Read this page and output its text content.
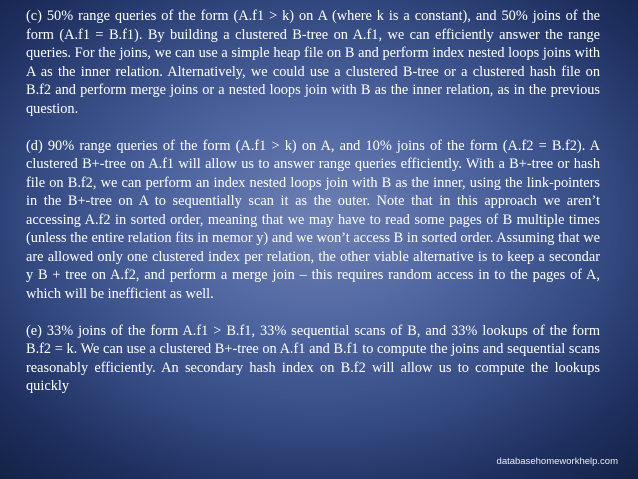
(c) 50% range queries of the form (A.f1 > k) on A (where k is a constant), and 50% joins of the form (A.f1 = B.f1). By building a clustered B-tree on A.f1, we can efficiently answer the range queries. For the joins, we can use a simple heap file on B and perform index nested loops joins with A as the inner relation. Alternatively, we could use a clustered B-tree or a clustered hash file on B.f2 and perform merge joins or a nested loops join with B as the inner relation, as in the previous question.

(d) 90% range queries of the form (A.f1 > k) on A, and 10% joins of the form (A.f2 = B.f2). A clustered B+-tree on A.f1 will allow us to answer range queries efficiently. With a B+-tree or hash file on B.f2, we can perform an index nested loops join with B as the inner, using the link-pointers in the B+-tree on A to sequentially scan it as the outer. Note that in this approach we aren’t accessing A.f2 in sorted order, meaning that we may have to read some pages of B multiple times (unless the entire relation fits in memor y) and we won’t access B in sorted order. Assuming that we are allowed only one clustered index per relation, the other viable alternative is to keep a secondar y B + tree on A.f2, and perform a merge join – this requires random access in to the pages of A, which will be inefficient as well.

(e) 33% joins of the form A.f1 > B.f1, 33% sequential scans of B, and 33% lookups of the form B.f2 = k. We can use a clustered B+-tree on A.f1 and B.f1 to compute the joins and sequential scans reasonably efficiently. An secondary hash index on B.f2 will allow us to compute the lookups quickly

databasehomeworkhelp.com
